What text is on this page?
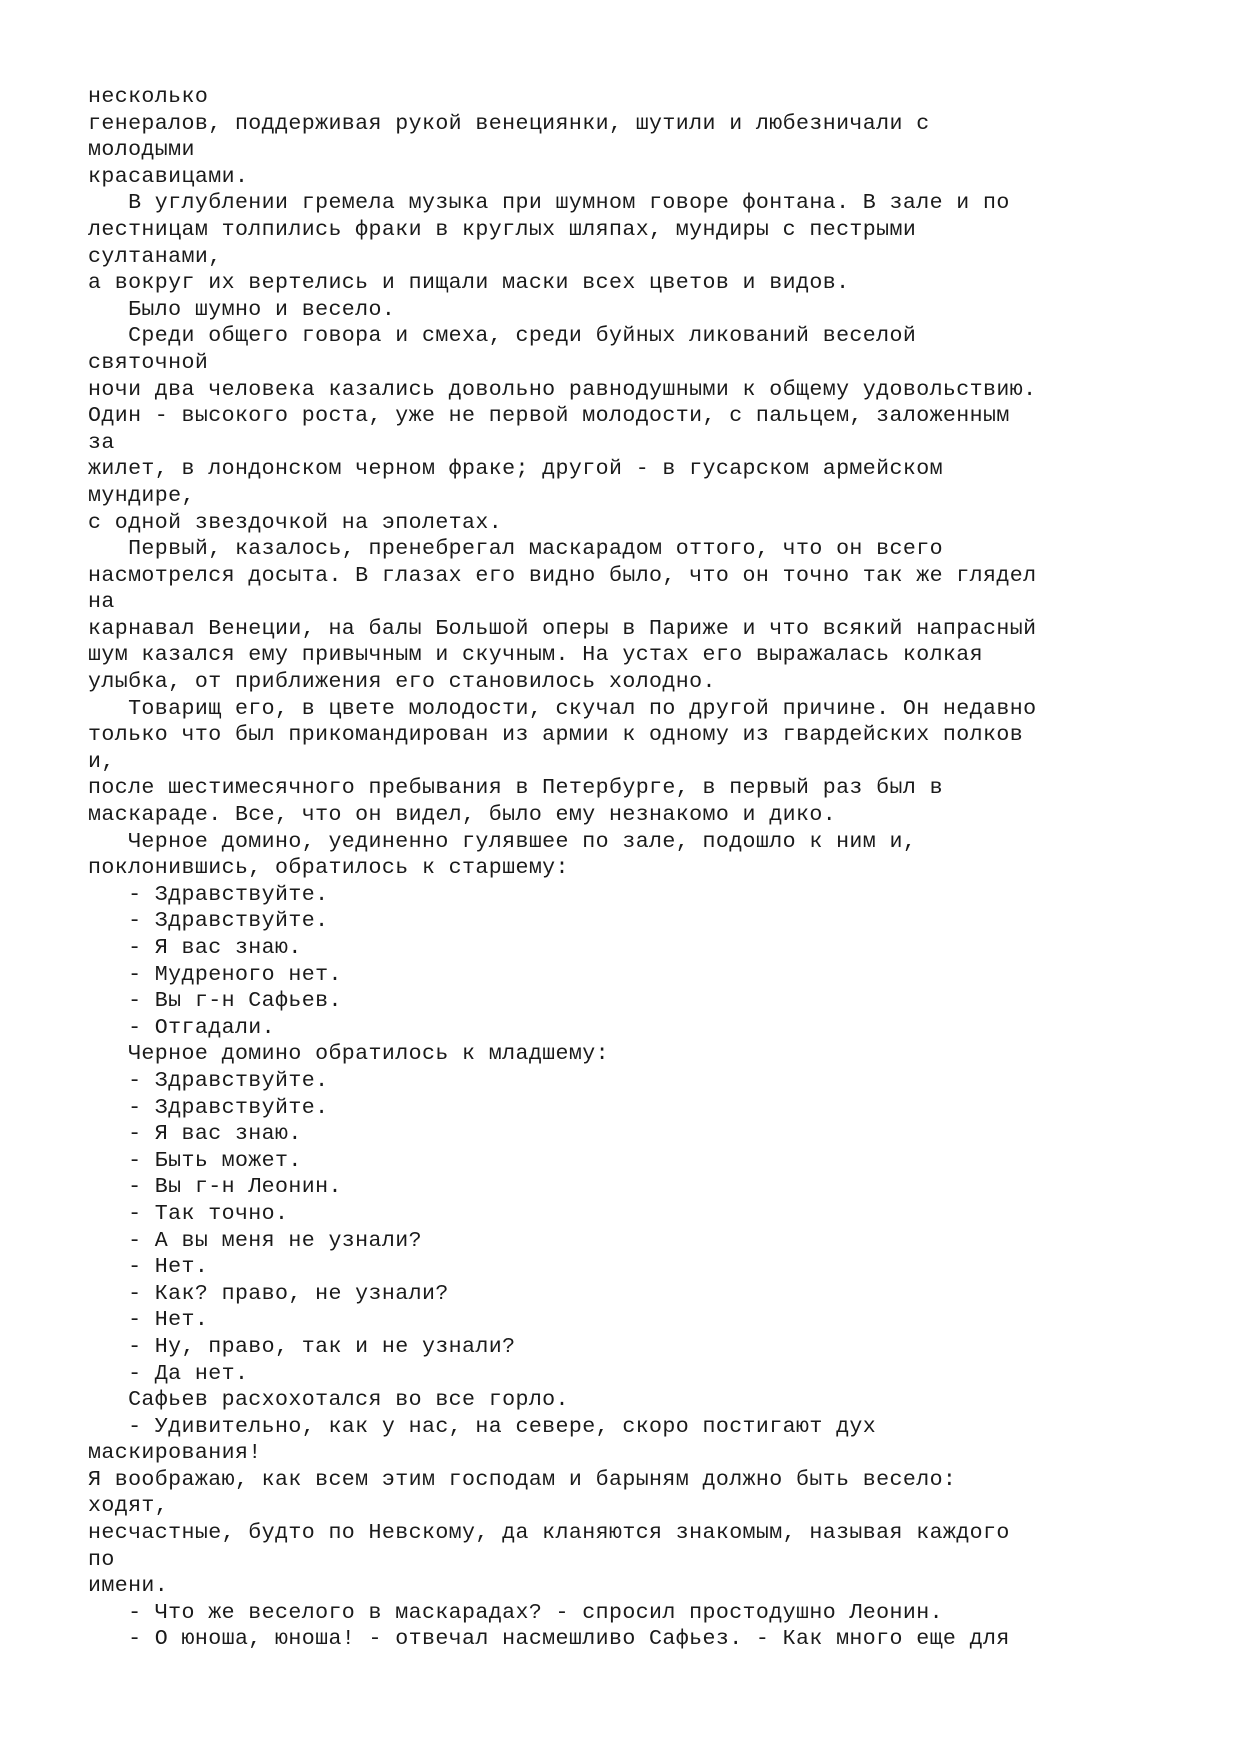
несколько
генералов, поддерживая рукой венециянки, шутили и любезничали с
молодыми
красавицами.
В углублении гремела музыка при шумном говоре фонтана. В зале и по
лестницам толпились фраки в круглых шляпах, мундиры с пестрыми
султанами,
а вокруг их вертелись и пищали маски всех цветов и видов.
Было шумно и весело.
Среди общего говора и смеха, среди буйных ликований веселой
святочной
ночи два человека казались довольно равнодушными к общему удовольствию.
Один - высокого роста, уже не первой молодости, с пальцем, заложенным
за
жилет, в лондонском черном фраке; другой - в гусарском армейском
мундире,
с одной звездочкой на эполетах.
Первый, казалось, пренебрегал маскарадом оттого, что он всего
насмотрелся досыта. В глазах его видно было, что он точно так же глядел
на
карнавал Венеции, на балы Большой оперы в Париже и что всякий напрасный
шум казался ему привычным и скучным. На устах его выражалась колкая
улыбка, от приближения его становилось холодно.
Товарищ его, в цвете молодости, скучал по другой причине. Он недавно
только что был прикомандирован из армии к одному из гвардейских полков
и,
после шестимесячного пребывания в Петербурге, в первый раз был в
маскараде. Все, что он видел, было ему незнакомо и дико.
Черное домино, уединенно гулявшее по зале, подошло к ним и,
поклонившись, обратилось к старшему:
- Здравствуйте.
- Здравствуйте.
- Я вас знаю.
- Мудреного нет.
- Вы г-н Сафьев.
- Отгадали.
Черное домино обратилось к младшему:
- Здравствуйте.
- Здравствуйте.
- Я вас знаю.
- Быть может.
- Вы г-н Леонин.
- Так точно.
- А вы меня не узнали?
- Нет.
- Как? право, не узнали?
- Нет.
- Ну, право, так и не узнали?
- Да нет.
Сафьев расхохотался во все горло.
- Удивительно, как у нас, на севере, скоро постигают дух
маскирования!
Я воображаю, как всем этим господам и барыням должно быть весело:
ходят,
несчастные, будто по Невскому, да кланяются знакомым, называя каждого
по
имени.
- Что же веселого в маскарадах? - спросил простодушно Леонин.
- О юноша, юноша! - отвечал насмешливо Сафьез. - Как много еще для
